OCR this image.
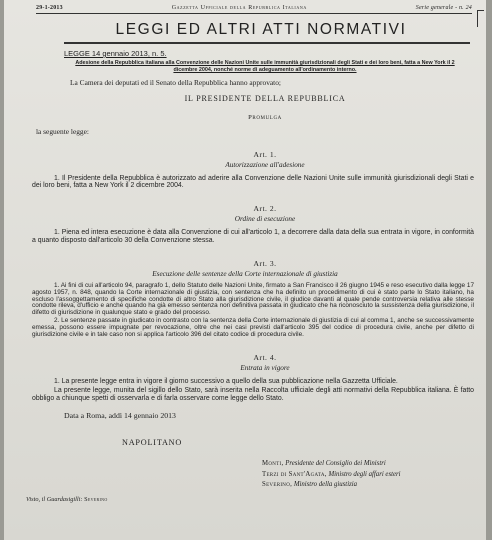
29-1-2013	Gazzetta Ufficiale della Repubblica Italiana	Serie generale - n. 24
LEGGI ED ALTRI ATTI NORMATIVI
LEGGE 14 gennaio 2013, n. 5.
Adesione della Repubblica italiana alla Convenzione delle Nazioni Unite sulle immunità giurisdizionali degli Stati e dei loro beni, fatta a New York il 2 dicembre 2004, nonché norme di adeguamento all'ordinamento interno.
La Camera dei deputati ed il Senato della Repubblica hanno approvato;
IL PRESIDENTE DELLA REPUBBLICA
Promulga
la seguente legge:
Art. 1.
Autorizzazione all'adesione

1. Il Presidente della Repubblica è autorizzato ad aderire alla Convenzione delle Nazioni Unite sulle immunità giurisdizionali degli Stati e dei loro beni, fatta a New York il 2 dicembre 2004.

Art. 2.
Ordine di esecuzione

1. Piena ed intera esecuzione è data alla Convenzione di cui all'articolo 1, a decorrere dalla data della sua entrata in vigore, in conformità a quanto disposto dall'articolo 30 della Convenzione stessa.

Art. 3.
Esecuzione delle sentenze della Corte internazionale di giustizia

1. Ai fini di cui all'articolo 94, paragrafo 1, dello Statuto delle Nazioni Unite, firmato a San Francisco il 26 giugno 1945 e reso esecutivo dalla legge 17 agosto 1957, n. 848, quando la Corte internazionale di giustizia, con sentenza che ha definito un procedimento di cui è stato parte lo Stato italiano, ha escluso l'assoggettamento di specifiche condotte di altro Stato alla giurisdizione civile, il giudice davanti al quale pende controversia relativa alle stesse condotte rileva, d'ufficio e anche quando ha già emesso sentenza non definitiva passata in giudicato che ha riconosciuto la sussistenza della giurisdizione, il difetto di giurisdizione in qualunque stato e grado del processo.

2. Le sentenze passate in giudicato in contrasto con la sentenza della Corte internazionale di giustizia di cui al comma 1, anche se successivamente emessa, possono essere impugnate per revocazione, oltre che nei casi previsti dall'articolo 395 del codice di procedura civile, anche per difetto di giurisdizione civile e in tale caso non si applica l'articolo 396 del citato codice di procedura civile.

Art. 4.
Entrata in vigore

1. La presente legge entra in vigore il giorno successivo a quello della sua pubblicazione nella Gazzetta Ufficiale.

La presente legge, munita del sigillo dello Stato, sarà inserita nella Raccolta ufficiale degli atti normativi della Repubblica italiana. È fatto obbligo a chiunque spetti di osservarla e di farla osservare come legge dello Stato.

Data a Roma, addì 14 gennaio 2013
NAPOLITANO
Monti, Presidente del Consiglio dei Ministri
Terzi di Sant'Agata, Ministro degli affari esteri
Severino, Ministro della giustizia
Visto, il Guardasigilli: Severino
